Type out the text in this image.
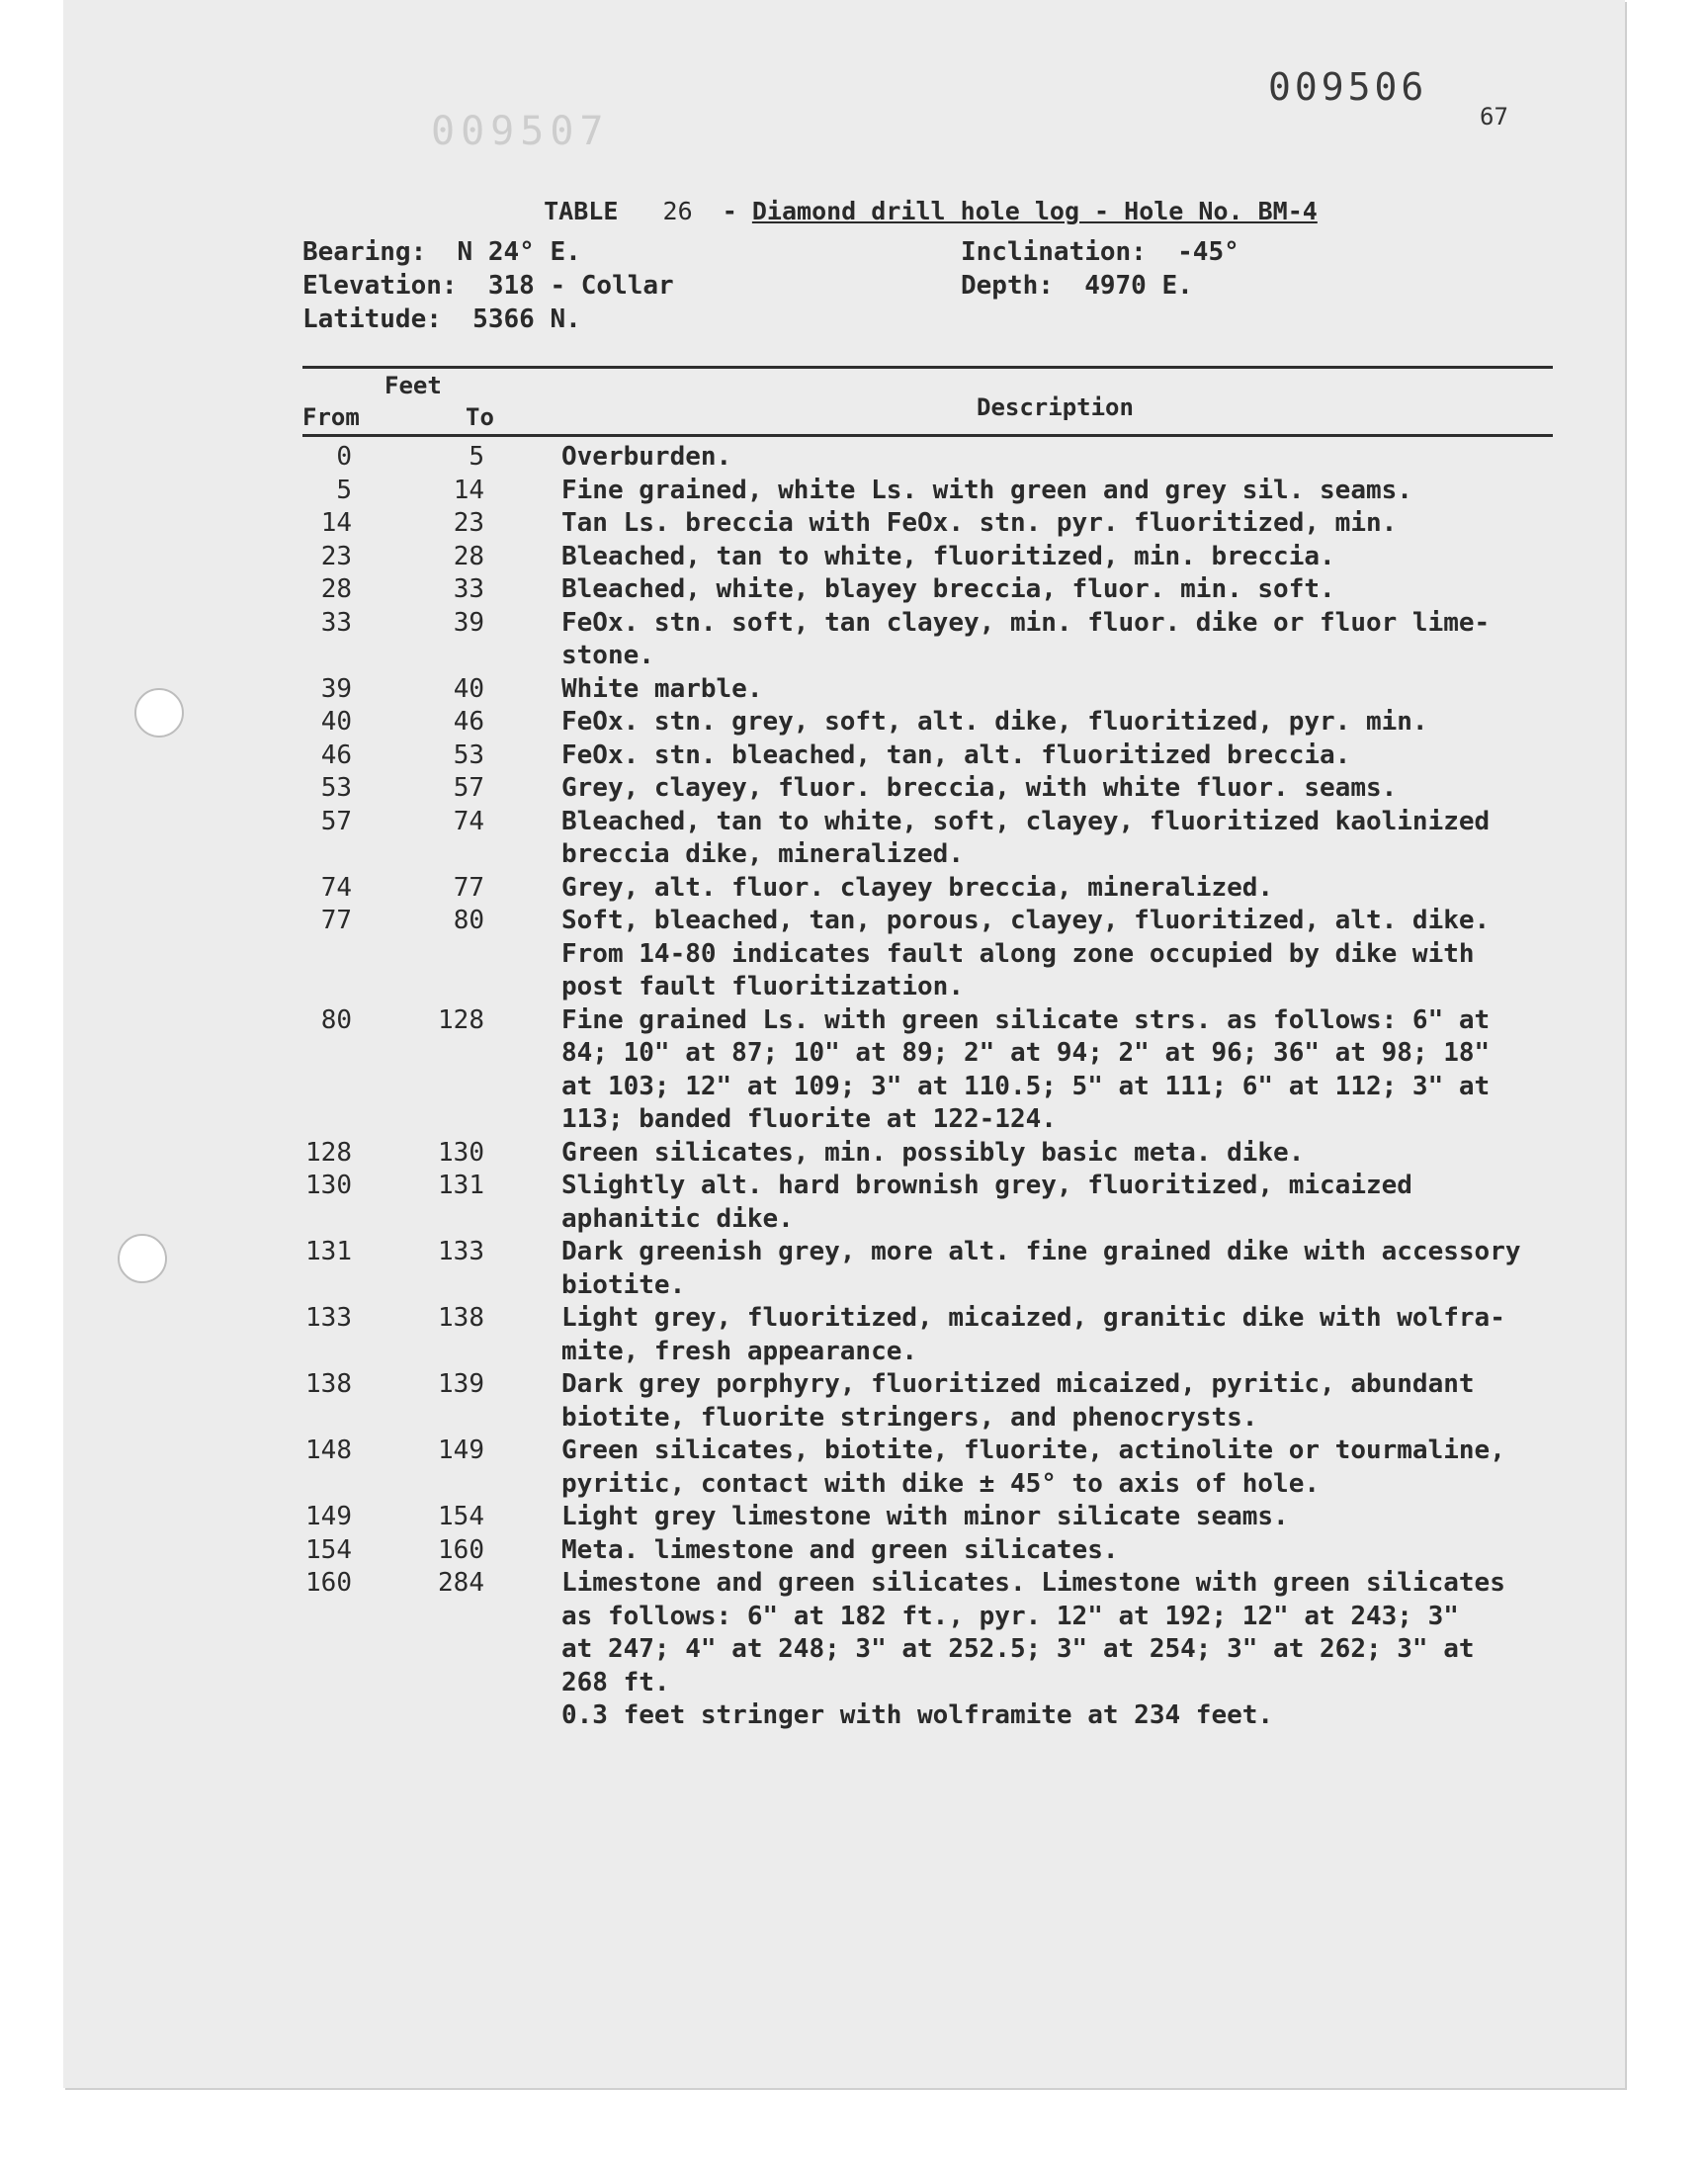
009507
009506
67

TABLE 26 - Diamond drill hole log - Hole No. BM-4

Bearing:  N 24° E.
Elevation:  318 - Collar
Latitude:  5366 N.
Inclination:  -45°
Depth:  4970 E.
Feet
From	To	Description
0	5	Overburden.
5	14	Fine grained, white Ls. with green and grey sil. seams.
14	23	Tan Ls. breccia with FeOx. stn. pyr. fluoritized, min.
23	28	Bleached, tan to white, fluoritized, min. breccia.
28	33	Bleached, white, blayey breccia, fluor. min. soft.
33	39	FeOx. stn. soft, tan clayey, min. fluor. dike or fluor lime-
stone.
39	40	White marble.
40	46	FeOx. stn. grey, soft, alt. dike, fluoritized, pyr. min.
46	53	FeOx. stn. bleached, tan, alt. fluoritized breccia.
53	57	Grey, clayey, fluor. breccia, with white fluor. seams.
57	74	Bleached, tan to white, soft, clayey, fluoritized kaolinized
breccia dike, mineralized.
74	77	Grey, alt. fluor. clayey breccia, mineralized.
77	80	Soft, bleached, tan, porous, clayey, fluoritized, alt. dike.
From 14-80 indicates fault along zone occupied by dike with
post fault fluoritization.
80	128	Fine grained Ls. with green silicate strs. as follows: 6" at
84; 10" at 87; 10" at 89; 2" at 94; 2" at 96; 36" at 98; 18"
at 103; 12" at 109; 3" at 110.5; 5" at 111; 6" at 112; 3" at
113; banded fluorite at 122-124.
128	130	Green silicates, min. possibly basic meta. dike.
130	131	Slightly alt. hard brownish grey, fluoritized, micaized
aphanitic dike.
131	133	Dark greenish grey, more alt. fine grained dike with accessory
biotite.
133	138	Light grey, fluoritized, micaized, granitic dike with wolfra-
mite, fresh appearance.
138	139	Dark grey porphyry, fluoritized micaized, pyritic, abundant
biotite, fluorite stringers, and phenocrysts.
148	149	Green silicates, biotite, fluorite, actinolite or tourmaline,
pyritic, contact with dike ± 45° to axis of hole.
149	154	Light grey limestone with minor silicate seams.
154	160	Meta. limestone and green silicates.
160	284	Limestone and green silicates. Limestone with green silicates
as follows: 6" at 182 ft., pyr. 12" at 192; 12" at 243; 3"
at 247; 4" at 248; 3" at 252.5; 3" at 254; 3" at 262; 3" at
268 ft.
0.3 feet stringer with wolframite at 234 feet.
